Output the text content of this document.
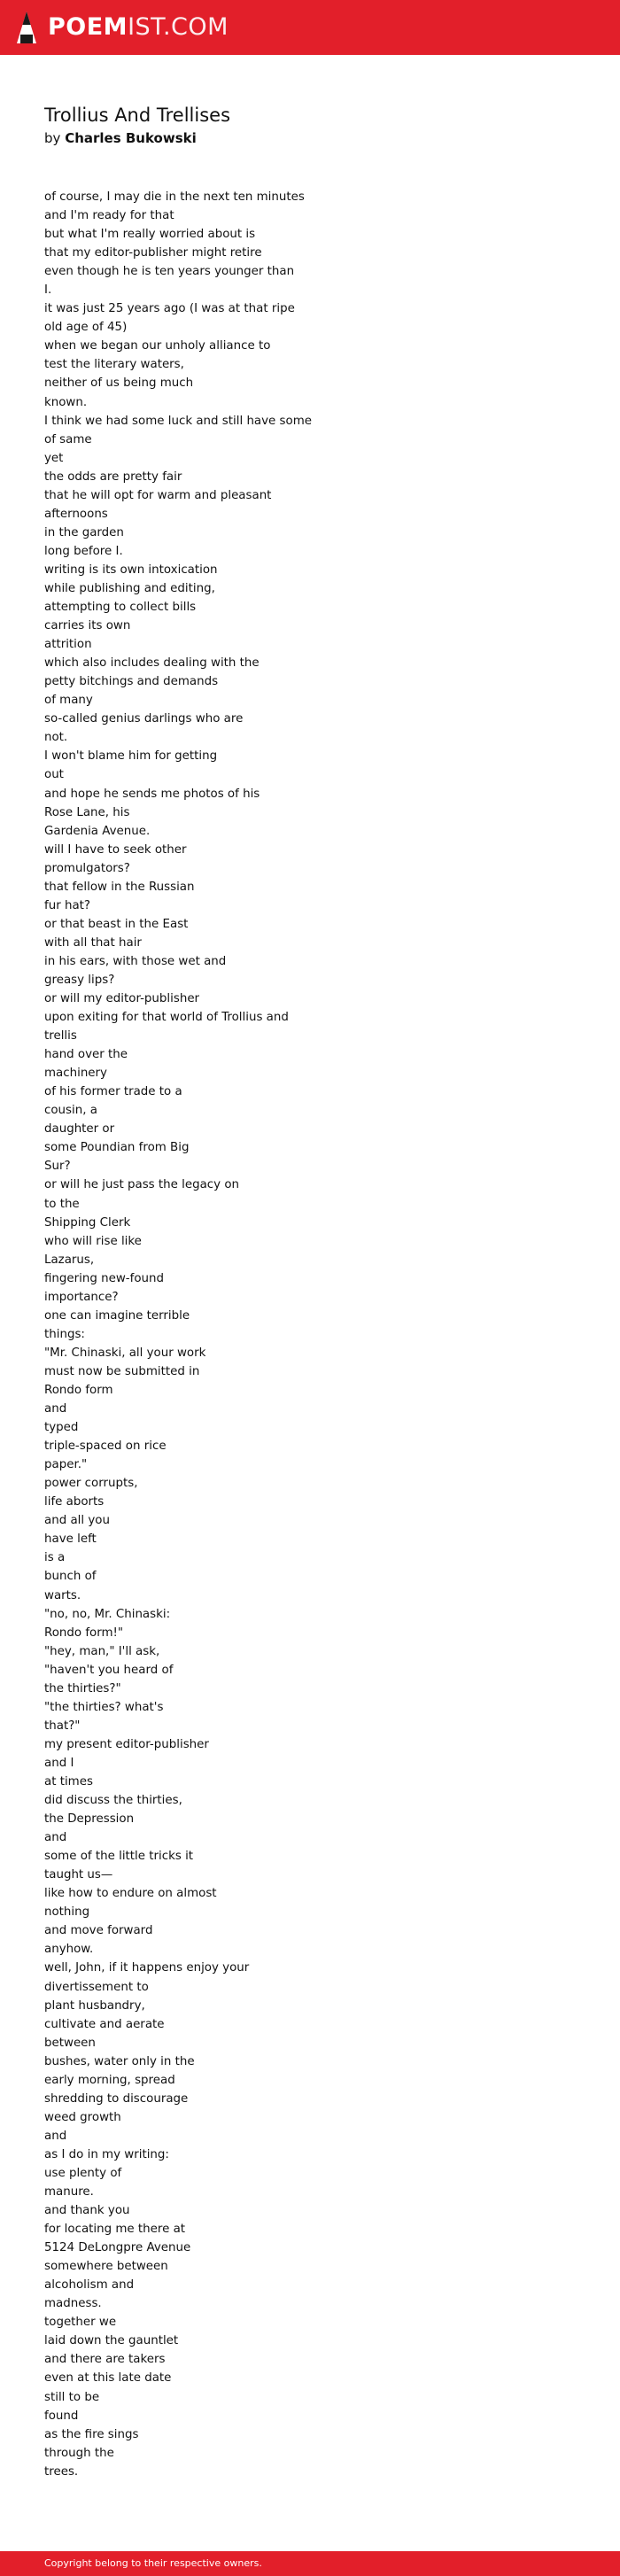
POEMIST.COM
Trollius And Trellises
by Charles Bukowski
of course, I may die in the next ten minutes
and I'm ready for that
but what I'm really worried about is
that my editor-publisher might retire
even though he is ten years younger than
I.
it was just 25 years ago (I was at that ripe
old age of 45)
when we began our unholy alliance to
test the literary waters,
neither of us being much
known.
I think we had some luck and still have some
of same
yet
the odds are pretty fair
that he will opt for warm and pleasant
afternoons
in the garden
long before I.
writing is its own intoxication
while publishing and editing,
attempting to collect bills
carries its own
attrition
which also includes dealing with the
petty bitchings and demands
of many
so-called genius darlings who are
not.
I won't blame him for getting
out
and hope he sends me photos of his
Rose Lane, his
Gardenia Avenue.
will I have to seek other
promulgators?
that fellow in the Russian
fur hat?
or that beast in the East
with all that hair
in his ears, with those wet and
greasy lips?
or will my editor-publisher
upon exiting for that world of Trollius and
trellis
hand over the
machinery
of his former trade to a
cousin, a
daughter or
some Poundian from Big
Sur?
or will he just pass the legacy on
to the
Shipping Clerk
who will rise like
Lazarus,
fingering new-found
importance?
one can imagine terrible
things:
"Mr. Chinaski, all your work
must now be submitted in
Rondo form
and
typed
triple-spaced on rice
paper."
power corrupts,
life aborts
and all you
have left
is a
bunch of
warts.
"no, no, Mr. Chinaski:
Rondo form!"
"hey, man," I'll ask,
"haven't you heard of
the thirties?"
"the thirties? what's
that?"
my present editor-publisher
and I
at times
did discuss the thirties,
the Depression
and
some of the little tricks it
taught us—
like how to endure on almost
nothing
and move forward
anyhow.
well, John, if it happens enjoy your
divertissement to
plant husbandry,
cultivate and aerate
between
bushes, water only in the
early morning, spread
shredding to discourage
weed growth
and
as I do in my writing:
use plenty of
manure.
and thank you
for locating me there at
5124 DeLongpre Avenue
somewhere between
alcoholism and
madness.
together we
laid down the gauntlet
and there are takers
even at this late date
still to be
found
as the fire sings
through the
trees.
Copyright belong to their respective owners.
